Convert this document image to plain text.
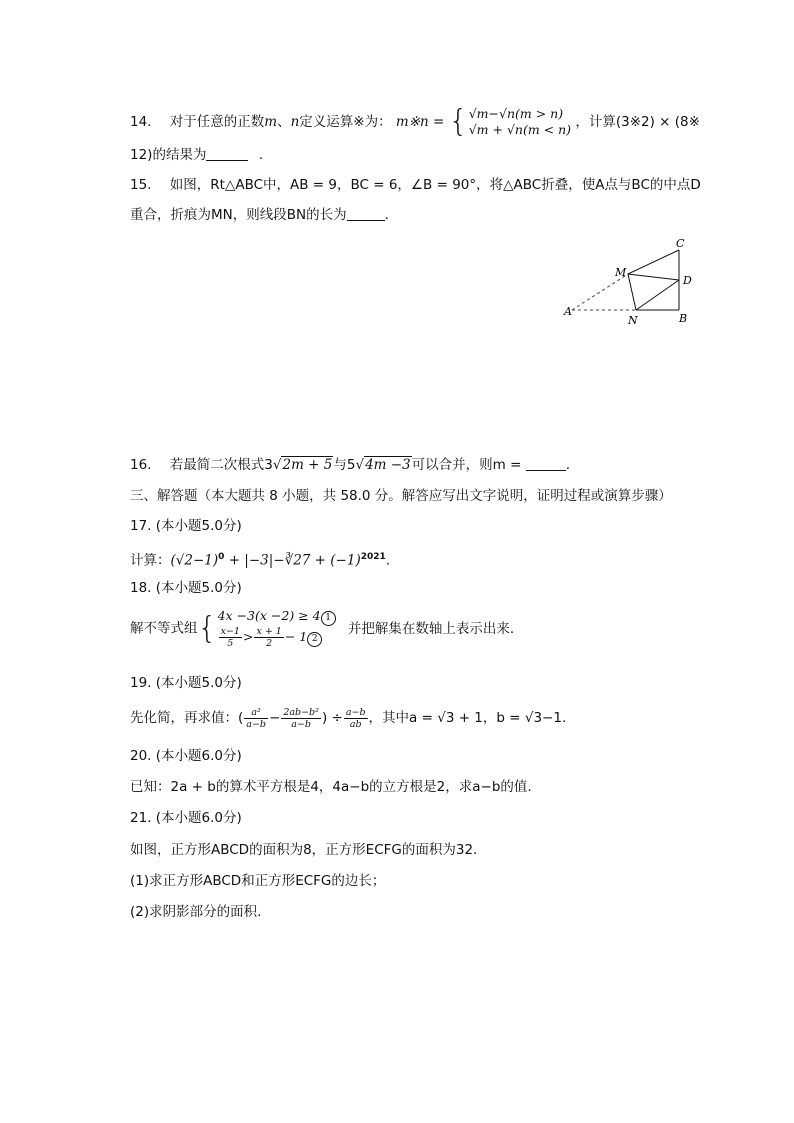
14. 对于任意的正数m、n定义运算※为： m※n = {√m−√n(m > n)
√m + √n(m < n) ，计算(3※2) × (8※
12)的结果为	.
15. 如图，Rt△ABC中，AB = 9，BC = 6，∠B = 90°，将△ABC折叠，使A点与BC的中点D
重合，折痕为MN，则线段BN的长为	.
C
M
D
A
N	B
16. 若最简二次根式3√2m + 5与5√4m −3可以合并，则m =	.
三、解答题（本大题共 8 小题，共 58.0 分。解答应写出文字说明，证明过程或演算步骤）
17. (本小题5.0分)
计算：$(√2-1)^0$ + |−3|−∛27 + $(-1)^{2021}$.
18. (本小题5.0分)
解不等式组{4x −3(x −2) ≥ 4 1

$\frac{x-1}{5} > \frac{x + 1}{2} - 1$ 2 并把解集在数轴上表示出来.
19. (本小题5.0分)
先化简，再求值：( $\frac{\text{a²}}{a-b} - \frac{\text{2ab−b²}}{a-b}$ ) ÷ $\frac{a-b}{ab}$ ，其中a = √3 + 1，b = √3−1.
20. (本小题6.0分)
已知：2a + b的算术平方根是4，4a−b的立方根是2，求a−b的值.
21. (本小题6.0分)
如图，正方形ABCD的面积为8，正方形ECFG的面积为32.
(1)求正方形ABCD和正方形ECFG的边长；
(2)求阴影部分的面积.
